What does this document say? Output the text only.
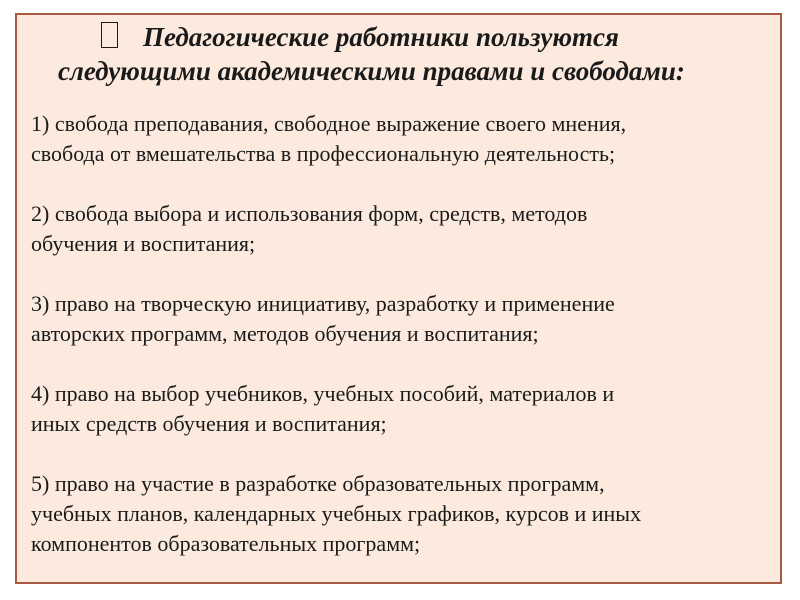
Педагогические работники пользуются
следующими академическими правами и свободами:
1) свобода преподавания, свободное выражение своего мнения,
свобода от вмешательства в профессиональную деятельность;
2) свобода выбора и использования форм, средств, методов
обучения и воспитания;
3) право на творческую инициативу, разработку и применение
авторских программ, методов обучения и воспитания;
4) право на выбор учебников, учебных пособий, материалов и
иных средств обучения и воспитания;
5) право на участие в разработке образовательных программ,
учебных планов, календарных учебных графиков, курсов и иных
компонентов образовательных программ;
